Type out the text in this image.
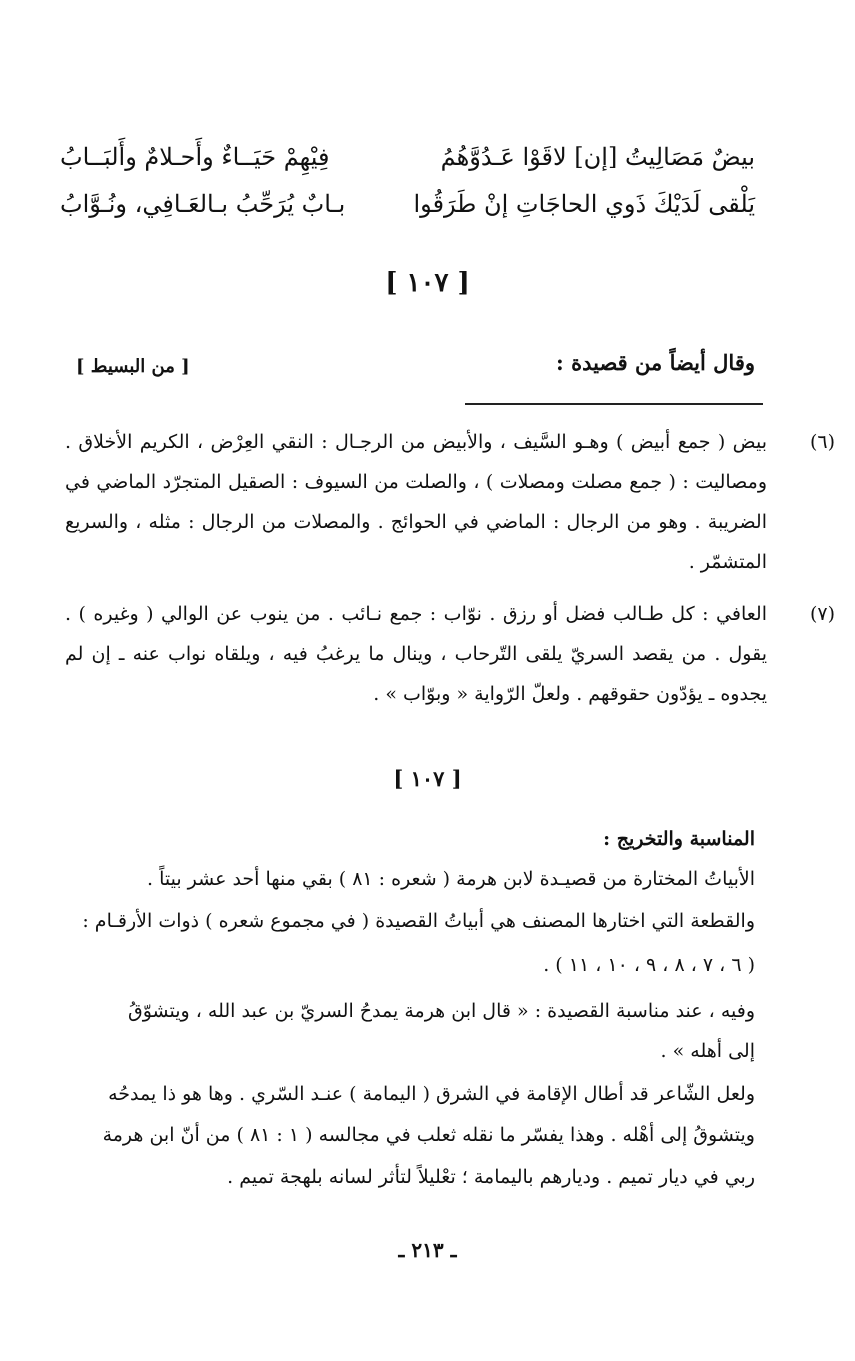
بيضٌ مَصَالِيتُ [إن] لاقَوْا عَـدُوَّهُمُ
فِيْهِمْ حَيَــاءٌ وأَحـلامٌ وأَلبَــابُ
يَلْقى لَدَيْكَ ذَوي الحاجَاتِ إنْ طَرَقُوا
بـابٌ يُرَحِّبُ بـالعَـافِي، ونُـوَّابُ
[ ١٠٧ ]
وقال أيضاً من قصيدة :
[ من البسيط ]
(٦)
بيض ( جمع أبيض ) وهـو السَّيف ، والأبيض من الرجـال : النقي العِرْض ، الكريم الأخلاق . ومصاليت : ( جمع مصلت ومصلات ) ، والصلت من السيوف : الصقيل المتجرّد الماضي في الضريبة . وهو من الرجال : الماضي في الحوائج . والمصلات من الرجال : مثله ، والسريع المتشمّر .
(٧)
العافي : كل طـالب فضل أو رزق . نوّاب : جمع نـائب . من ينوب عن الوالي ( وغيره ) . يقول . من يقصد السريّ يلقى التّرحاب ، وينال ما يرغبُ فيه ، ويلقاه نواب عنه ـ إن لم يجدوه ـ يؤدّون حقوقهم . ولعلّ الرّواية « وبوّاب » .
[ ١٠٧ ]
المناسبة والتخريج :
الأبياتُ المختارة من قصيـدة لابن هرمة ( شعره : ٨١ ) بقي منها أحد عشر بيتاً .
والقطعة التي اختارها المصنف هي أبياتُ القصيدة ( في مجموع شعره ) ذوات الأرقـام :
( ٦ ، ٧ ، ٨ ، ٩ ، ١٠ ، ١١ ) .
وفيه ، عند مناسبة القصيدة : « قال ابن هرمة يمدحُ السريّ بن عبد الله ، ويتشوّقُ
إلى أهله » .
ولعل الشّاعر قد أطال الإقامة في الشرق ( اليمامة ) عنـد السّري . وها هو ذا يمدحُه
ويتشوقُ إلى أهْله . وهذا يفسّر ما نقله ثعلب في مجالسه ( ١ : ٨١ ) من أنّ ابن هرمة
ربي في ديار تميم . وديارهم باليمامة ؛ تعْليلاً لتأثر لسانه بلهجة تميم .
ـ ٢١٣ ـ
